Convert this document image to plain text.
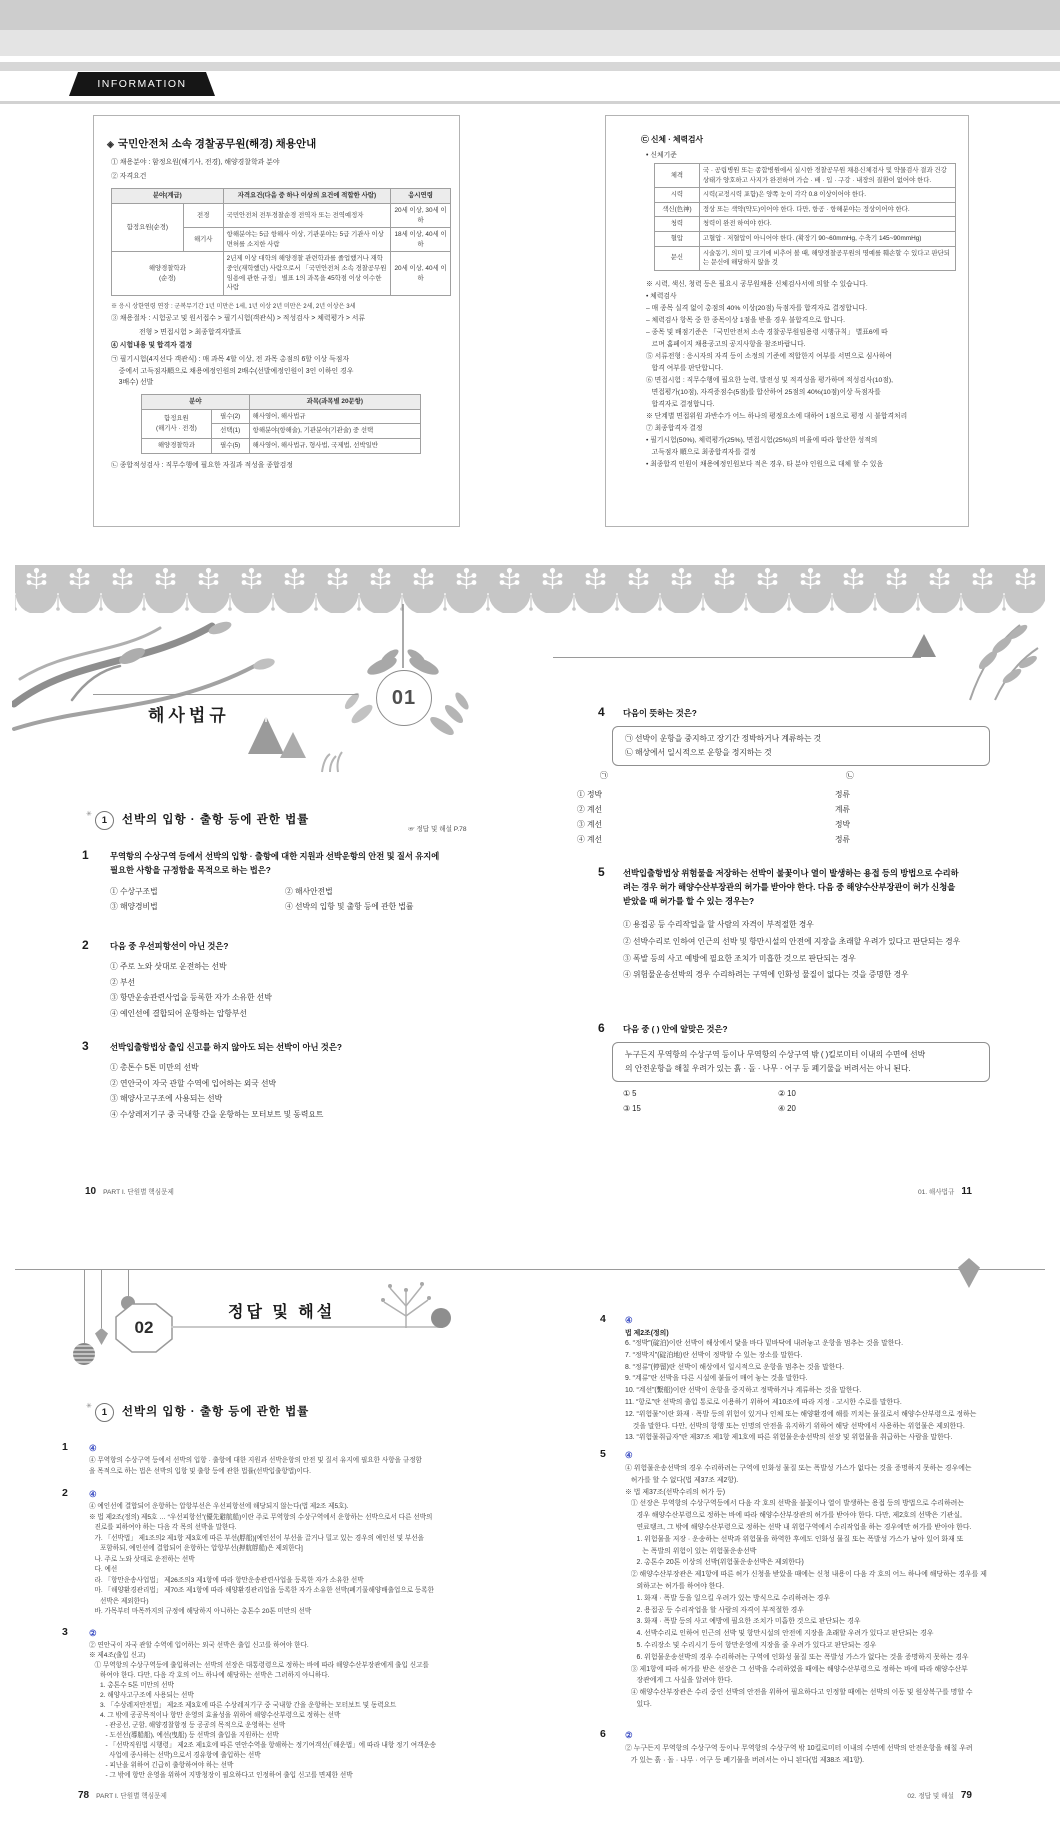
INFORMATION
◈ 국민안전처 소속 경찰공무원(해경) 채용안내
① 채용분야 : 함정요원(해기사, 전경), 해양경찰학과 분야
② 자격요건
분야(계급)		자격요건(다음 중 하나 이상의 요건에 적합한 사람)	응시연령
함정요원(순경)	전경	국민안전처 전투경찰순경 전역자 또는 전역예정자	20세 이상, 30세 이하
	해기사	항해분야는 5급 항해사 이상, 기관분야는 5급 기관사 이상 면허를 소지한 사람	18세 이상, 40세 이하
해양경찰학과
(순경)		2년제 이상 대학의 해양경찰 관련학과를 졸업했거나 재학 중인(재학했던) 사람으로서 「국민안전처 소속 경찰공무원 임용에 관한 규정」 별표 1의 과목을 45학점 이상 이수한 사람	20세 이상, 40세 이하
※ 응시 상한연령 연장 : 군복무기간 1년 미만은 1세, 1년 이상 2년 미만은 2세, 2년 이상은 3세
③ 채용절차 : 시험공고 및 원서접수 > 필기시험(객관식) > 적성검사 > 체력평가 > 서류
전형 > 면접시험 > 최종합격자발표
④ 시험내용 및 합격자 결정
㉠ 필기시험(4지선다 객관식) : 매 과목 4할 이상, 전 과목 총점의 6할 이상 득점자
중에서 고득점자順으로 채용예정인원의 2배수(선발예정인원이 3인 이하인 경우
3배수) 선발
분야		과목(과목별 20문항)
함정요원
(해기사 · 전경)	필수(2)	해사영어, 해사법규
	선택(1)	항해분야(항해술), 기관분야(기관술) 중 선택
해양경찰학과	필수(5)	해사영어, 해사법규, 형사법, 국제법, 선박일반
㉡ 종합적성검사 : 직무수행에 필요한 자질과 적성을 종합검정
㉢ 신체 · 체력검사
• 신체기준
체격	국 · 공립병원 또는 종합병원에서 실시한 경찰공무원 채용신체검사 및 약물검사 결과 건강상태가 양호하고 사지가 완전하며 가슴 · 배 · 입 · 구강 · 내장의 질환이 없어야 한다.
시력	시력(교정시력 포함)은 양쪽 눈이 각각 0.8 이상이어야 한다.
색신(色神)	정상 또는 색약(약도)이어야 한다. 다만, 항공 · 항해분야는 정상이어야 한다.
청력	청력이 완전 하여야 한다.
혈압	고혈압 · 저혈압이 아니어야 한다. (확장기 90~60mmHg, 수축기 145~90mmHg)
문신	시술동기, 의미 및 크기에 비추어 볼 때, 해양경찰공무원의 명예를 훼손할 수 있다고 판단되는 문신에 해당하지 않을 것
※ 시력, 색신, 청력 등은 필요시 공무원채용 신체검사서에 의할 수 있습니다.
• 체력검사
– 매 종목 실격 없이 총점의 40% 이상(20점) 득점자를 합격자로 결정합니다.
– 체력검사 항목 중 한 종목이상 1점을 받을 경우 불합격으로 합니다.
– 종목 및 배점기준은 「국민안전처 소속 경찰공무원임용령 시행규칙」 별표6에 따
르며 홈페이지 채용공고의 공지사항을 참조바랍니다.
⑤ 서류전형 : 응시자의 자격 등이 소정의 기준에 적합한지 여부를 서면으로 심사하여
합격 여부를 판단합니다.
⑥ 면접시험 : 직무수행에 필요한 능력, 발전성 및 적격성을 평가하며 적성검사(10점),
면접평가(10점), 자격증점수(5점)를 합산하여 25점의 40%(10점)이상 득점자를
합격자로 결정합니다.
※ 단계별 면접위원 과반수가 어느 하나의 평정요소에 대하여 1점으로 평정 시 불합격처리
⑦ 최종합격자 결정
• 필기시험(50%), 체력평가(25%), 면접시험(25%)의 비율에 따라 합산한 성적의
고득점자 順으로 최종합격자를 결정
• 최종합격 인원이 채용예정인원보다 적은 경우, 타 분야 인원으로 대체 할 수 있음
해사법규
01
▼▼▼▼▼▼▼▼▼▼▼▼▼▼▼▼▼▼▼▼▼▼▼▼▼▼▼▼▼▼▼▼▼▼▼▼▼▼▼▼▼▼▼▼▼▼▼▼▼▼▼▼▼▼▼▼▼▼▼▼
▲▲▲▲▲▲▲▲▲▲▲▲▲▲▲▲▲▲▲▲▲▲▲▲▲▲▲▲▲▲▲▲▲▲▲▲▲▲▲▲▲▲▲▲▲▲▲▲▲▲▲▲▲▲▲▲▲▲▲▲▲▲▲▲▲▲▲▲▲▲▲▲▲▲▲▲▲▲▲▲▲▲▲▲▲▲▲▲▲▲▲▲▲▲▲▲▲▲▲▲▲▲▲▲▲▲▲▲▲▲▲▲▲▲▲▲▲▲▲▲▲▲▲▲▲▲▲▲▲▲▲▲▲▲▲▲▲▲▲▲▲▲▲▲▲▲▲▲▲▲▲▲▲▲▲▲▲▲▲▲▲▲▲▲▲▲▲▲▲▲▲▲▲▲▲▲▲▲▲▲▲▲▲▲▲▲▲▲▲▲▲▲▲▲▲▲▲▲▲▲▲▲
✳1 선박의 입항 · 출항 등에 관한 법률
☞ 정답 및 해설 P.78
1	무역항의 수상구역 등에서 선박의 입항 · 출항에 대한 지원과 선박운항의 안전 및 질서 유지에
필요한 사항을 규정함을 목적으로 하는 법은?
① 수상구조법	② 해사안전법
③ 해양경비법	④ 선박의 입항 및 출항 등에 관한 법률
2	다음 중 우선피항선이 아닌 것은?
① 주로 노와 삿대로 운전하는 선박
② 부선
③ 항만운송관련사업을 등록한 자가 소유한 선박
④ 예인선에 결합되어 운항하는 압항부선
3	선박입출항법상 출입 신고를 하지 않아도 되는 선박이 아닌 것은?
① 총톤수 5톤 미만의 선박
② 연안국이 자국 관할 수역에 입어하는 외국 선박
③ 해양사고구조에 사용되는 선박
④ 수상레저기구 중 국내항 간을 운항하는 모터보트 및 동력요트
4 다음이 뜻하는 것은?
㉠ 선박이 운항을 중지하고 장기간 정박하거나 계류하는 것
㉡ 해상에서 일시적으로 운항을 정지하는 것
㉠	㉡
① 정박	정류
② 계선	계류
③ 계선	정박
④ 계선	정류
5 선박입출항법상 위험물을 저장하는 선박이 불꽃이나 열이 발생하는 용접 등의 방법으로 수리하
려는 경우 허가 해양수산부장관의 허가를 받아야 한다. 다음 중 해양수산부장관이 허가 신청을
받았을 때 허가를 할 수 있는 경우는?
① 용접공 등 수리작업을 할 사람의 자격이 부적절한 경우
② 선박수리로 인하여 인근의 선박 및 항만시설의 안전에 지장을 초래할 우려가 있다고 판단되는 경우
③ 폭발 등의 사고 예방에 필요한 조치가 미흡한 것으로 판단되는 경우
④ 위험물운송선박의 경우 수리하려는 구역에 인화성 물질이 없다는 것을 증명한 경우
6 다음 중 ( ) 안에 알맞은 것은?
누구든지 무역항의 수상구역 등이나 무역항의 수상구역 밖 ( )킬로미터 이내의 수면에 선박
의 안전운항을 해칠 우려가 있는 흙 · 돌 · 나무 · 어구 등 폐기물을 버려서는 아니 된다.
① 5	② 10
③ 15	④ 20
10 PART Ⅰ. 단원별 핵심문제	01. 해사법규 11
▲▲▲▲▲▲▲▲▲▲▲▲▲▲▲▲▲▲▲▲▲▲▲▲▲▲▲▲▲▲▲▲▲▲▲▲▲▲▲▲▲▲▲▲▲▲▲▲▲▲▲▲▲▲▲▲▲▲▲▲▲▲▲▲▲▲▲▲▲▲▲▲▲▲▲▲▲▲▲▲▲▲▲▲▲▲▲▲▲▲▲▲▲▲▲▲▲▲▲▲▲▲▲▲▲▲▲▲▲▲▲▲▲▲▲▲▲▲▲▲▲▲▲▲▲▲▲▲▲▲▲▲▲▲▲▲▲▲▲▲▲▲▲▲▲▲▲▲▲▲▲▲▲▲▲▲▲▲▲▲▲▲▲▲▲▲▲▲▲▲▲▲▲▲▲▲▲▲▲▲▲▲▲▲▲▲▲▲▲▲▲▲▲▲▲▲▲▲▲▲▲▲
02
정답 및 해설
✳1 선박의 입항 · 출항 등에 관한 법률
1 ④
④ 무역항의 수상구역 등에서 선박의 입항 · 출항에 대한 지원과 선박운항의 안전 및 질서 유지에 필요한 사항을 규정함
을 목적으로 하는 법은 선박의 입항 및 출항 등에 관한 법률(선박입출항법)이다.
2 ④
④ 예인선에 결합되어 운항하는 압항부선은 우선피항선에 해당되지 않는다(법 제2조 제5호).
※ 법 제2조(정의) 제5호 … “우선피항선”(優先避航船)이란 주로 무역항의 수상구역에서 운항하는 선박으로서 다른 선박의
진로를 피하여야 하는 다음 각 목의 선박을 말한다.
가. 「선박법」 제1조의2 제1항 제3호에 따른 부선(艀船)[예인선이 부선을 끌거나 밀고 있는 경우의 예인선 및 부선을
포함하되, 예인선에 결합되어 운항하는 압항부선(押航艀船)은 제외한다]
나. 주로 노와 삿대로 운전하는 선박
다. 예선
라. 「항만운송사업법」 제26조의3 제1항에 따라 항만운송관련사업을 등록한 자가 소유한 선박
마. 「해양환경관리법」 제70조 제1항에 따라 해양환경관리업을 등록한 자가 소유한 선박(폐기물해양배출업으로 등록한
선박은 제외한다)
바. 가목부터 마목까지의 규정에 해당하지 아니하는 총톤수 20톤 미만의 선박
3 ②
② 연안국이 자국 관할 수역에 입어하는 외국 선박은 출입 신고를 하여야 한다.
※ 제4조(출입 신고)
① 무역항의 수상구역등에 출입하려는 선박의 선장은 대통령령으로 정하는 바에 따라 해양수산부장관에게 출입 신고를
하여야 한다. 다만, 다음 각 호의 어느 하나에 해당하는 선박은 그러하지 아니하다.
1. 총톤수 5톤 미만의 선박
2. 해양사고구조에 사용되는 선박
3. 「수상레저안전법」 제2조 제3호에 따른 수상레저기구 중 국내항 간을 운항하는 모터보트 및 동력요트
4. 그 밖에 공공목적이나 항만 운영의 효율성을 위하여 해양수산부령으로 정하는 선박
- 관공선, 군함, 해양경찰함정 등 공공의 목적으로 운영하는 선박
- 도선선(導船船), 예선(曳船) 등 선박의 출입을 지원하는 선박
- 「선박직원법 시행령」 제2조 제1호에 따른 연안수역을 항해하는 정기여객선(「해운법」에 따라 내항 정기 여객운송
사업에 종사하는 선박)으로서 경유항에 출입하는 선박
- 피난을 위하여 긴급히 출항하여야 하는 선박
- 그 밖에 항만 운영을 위하여 지방청장이 필요하다고 인정하여 출입 신고를 면제한 선박
4 ④
법 제2조(정의)
6. “정박”(碇泊)이란 선박이 해상에서 닻을 바다 밑바닥에 내려놓고 운항을 멈추는 것을 말한다.
7. “정박지”(碇泊地)란 선박이 정박할 수 있는 장소를 말한다.
8. “정류”(停留)란 선박이 해상에서 일시적으로 운항을 멈추는 것을 말한다.
9. “계류”란 선박을 다른 시설에 붙들어 매어 놓는 것을 말한다.
10. “계선”(繫船)이란 선박이 운항을 중지하고 정박하거나 계류하는 것을 말한다.
11. “항로”란 선박의 출입 통로로 이용하기 위하여 제10조에 따라 지정 · 고시한 수로를 말한다.
12. “위험물”이란 화재 · 폭발 등의 위험이 있거나 인체 또는 해양환경에 해를 끼치는 물질로서 해양수산부령으로 정하는
것을 말한다. 다만, 선박의 항행 또는 인명의 안전을 유지하기 위하여 해당 선박에서 사용하는 위험물은 제외한다.
13. “위험물취급자”란 제37조 제1항 제1호에 따른 위험물운송선박의 선장 및 위험물을 취급하는 사람을 말한다.
5 ④
④ 위험물운송선박의 경우 수리하려는 구역에 인화성 물질 또는 폭발성 가스가 없다는 것을 증명하지 못하는 경우에는
허가를 할 수 없다(법 제37조 제2항).
※ 법 제37조(선박수리의 허가 등)
① 선장은 무역항의 수상구역등에서 다음 각 호의 선박을 불꽃이나 열이 발생하는 용접 등의 방법으로 수리하려는
경우 해양수산부령으로 정하는 바에 따라 해양수산부장관의 허가를 받아야 한다. 다만, 제2호의 선박은 기관실,
연료탱크, 그 밖에 해양수산부령으로 정하는 선박 내 위험구역에서 수리작업을 하는 경우에만 허가를 받아야 한다.
1. 위험물을 저장 · 운송하는 선박과 위험물을 하역한 후에도 인화성 물질 또는 폭발성 가스가 남아 있어 화재 또
는 폭발의 위험이 있는 위험물운송선박
2. 총톤수 20톤 이상의 선박(위험물운송선박은 제외한다)
② 해양수산부장관은 제1항에 따른 허가 신청을 받았을 때에는 신청 내용이 다음 각 호의 어느 하나에 해당하는 경우를 제
외하고는 허가를 하여야 한다.
1. 화재 · 폭발 등을 일으킬 우려가 있는 방식으로 수리하려는 경우
2. 용접공 등 수리작업을 할 사람의 자격이 부적절한 경우
3. 화재 · 폭발 등의 사고 예방에 필요한 조치가 미흡한 것으로 판단되는 경우
4. 선박수리로 인하여 인근의 선박 및 항만시설의 안전에 지장을 초래할 우려가 있다고 판단되는 경우
5. 수리장소 및 수리시기 등이 항만운영에 지장을 줄 우려가 있다고 판단되는 경우
6. 위험물운송선박의 경우 수리하려는 구역에 인화성 물질 또는 폭발성 가스가 없다는 것을 증명하지 못하는 경우
③ 제1항에 따라 허가를 받은 선장은 그 선박을 수리하였을 때에는 해양수산부령으로 정하는 바에 따라 해양수산부
장관에게 그 사실을 알려야 한다.
④ 해양수산부장관은 수리 중인 선박의 안전을 위하여 필요하다고 인정할 때에는 선박의 이동 및 원상복구를 명할 수
있다.
6 ②
② 누구든지 무역항의 수상구역 등이나 무역항의 수상구역 밖 10킬로미터 이내의 수면에 선박의 안전운항을 해칠 우려
가 있는 흙 · 돌 · 나무 · 어구 등 폐기물을 버려서는 아니 된다(법 제38조 제1항).
78 PART Ⅰ. 단원별 핵심문제	02. 정답 및 해설 79
